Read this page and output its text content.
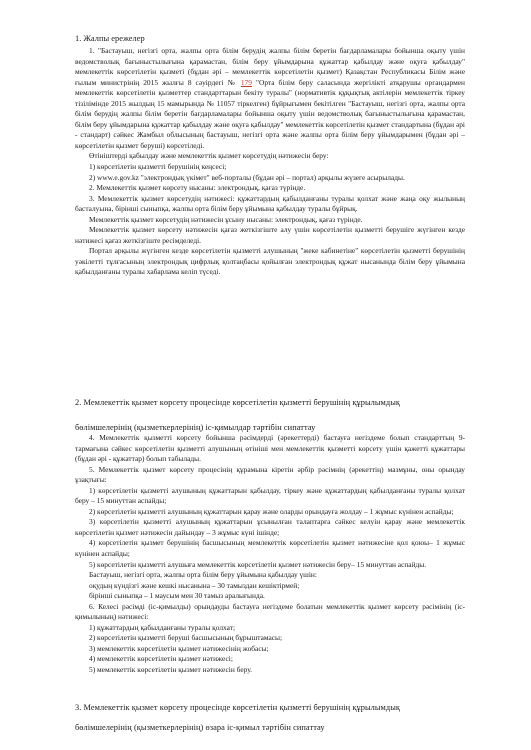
1. Жалпы ережелер

1. "Бастауыш, негізгі орта, жалпы орта білім берудің жалпы білім беретін бағдарламалары бойынша оқыту үшін ведомстволық бағыныстылығына қарамастан, білім беру ұйымдарына құжаттар қабылдау және оқуға қабылдау" мемлекеттік көрсетілетін қызметі (бұдан әрі – мемлекеттік көрсетілетін қызмет) Қазақстан Республикасы Білім және ғылым министрінің 2015 жылғы 8 сәуірдегі № 179 "Орта білім беру саласында жергілікті атқарушы органдармен мемлекеттік көрсетілетін қызметтер стандарттарын бекіту туралы" (нормативтік құқықтық актілерін мемлекеттік тіркеу тізілімінде 2015 жылдың 15 мамырында № 11057 тіркелген) бұйрығымен бекітілген "Бастауыш, негізгі орта, жалпы орта білім берудің жалпы білім беретін бағдарламалары бойынша оқыту үшін ведомстволық бағыныстылығына қарамастан, білім беру ұйымдарына құжаттар қабылдау және оқуға қабылдау" мемлекеттік көрсетілетін қызмет стандартына (бұдан әрі - стандарт) сәйкес Жамбыл облысының бастауыш, негізгі орта және жалпы орта білім беру ұйымдарымен (бұдан әрі – көрсетілетін қызмет беруші) көрсетіледі.

Өтініштерді қабылдау және мемлекеттік қызмет көрсетудің нәтижесін беру:

1) көрсетілетін қызметті берушінің кеңсесі;

2) www.e.gov.kz "электрондық үкімет" веб-порталы (бұдан әрі – портал) арқылы жүзеге асырылады.

2. Мемлекеттік қызмет көрсету нысаны: электрондық, қағаз түрінде.

3. Мемлекеттік қызмет көрсетудің нәтижесі: құжаттардың қабылданғаны туралы қолхат және жаңа оқу жылының басталуына, бірінші сыныпқа, жалпы орта білім беру ұйымына қабылдау туралы бұйрық.

Мемлекеттік қызмет көрсетудің нәтижесін ұсыну нысаны: электрондық, қағаз түрінде.

Мемлекеттік қызмет көрсету нәтижесін қағаз жеткізгіште алу үшін көрсетілетін қызметті берушіге жүгінген кезде нәтижесі қағаз жеткізгіште ресімделеді.

Портал арқылы жүгінген кезде көрсетілетін қызметті алушының "жеке кабинетіне" көрсетілетін қызметті берушінің уәкілетті тұлғасының электрондық цифрлық қолтаңбасы қойылған электрондық құжат нысанында білім беру ұйымына қабылданғаны туралы хабарлама келіп түседі.

2. Мемлекеттік қызмет көрсету процесінде көрсетілетін қызметті берушінің құрылымдық
бөлімшелерінің (қызметкерлерінің) іс-қимылдар тәртібін сипаттау

4. Мемлекеттік қызметті көрсету бойынша рәсімдерді (әрекеттерді) бастауға негіздеме болып стандарттың 9-тармағына сәйкес көрсетілетін қызметті алушының өтініші мен мемлекеттік қызметті көрсету үшін қажетті құжаттары (бұдан әрі - құжаттар) болып табылады.

5. Мемлекеттік қызмет көрсету процесінің құрамына кіретін әрбір рәсімнің (әрекеттің) мазмұны, оны орындау ұзақтығы:

1) көрсетілетін қызметті алушының құжаттарын қабылдау, тіркеу және құжаттардың қабылданғаны туралы қолхат беру – 15 минуттан аспайды;

2) көрсетілетін қызметті алушының құжаттарын қарау және оларды орындауға жолдау – 1 жұмыс күнінен аспайды;

3) көрсетілетін қызметті алушының құжаттарын ұсынылған талаптарға сәйкес келуін қарау және мемлекеттік көрсетілетін қызмет нәтижесін дайындау – 3 жұмыс күні ішінде;

4) көрсетілетін қызмет берушінің басшысының мемлекеттік көрсетілетін қызмет нәтижесіне қол қоюы– 1 жұмыс күнінен аспайды;

5) көрсетілетін қызметті алушыға мемлекеттік көрсетілетін қызмет нәтижесін беру– 15 минуттан аспайды.

Бастауыш, негізгі орта, жалпы орта білім беру ұйымына қабылдау үшін:

оқудың күндізгі және кешкі нысанына – 30 тамыздан кешіктірмей;

бірінші сыныпқа – 1 маусым мен 30 тамыз аралығында.

6. Келесі рәсімді (іс-қимылды) орындауды бастауға негіздеме болатын мемлекеттік қызмет көрсету рәсімінің (іс-қимылының) нәтижесі:

1) құжаттардың қабылданғаны туралы қолхат;

2) көрсетілетін қызметті беруші басшысының бұрыштамасы;

3) мемлекеттік көрсетілетін қызмет нәтижесінің жобасы;

4) мемлекеттік көрсетілетін қызмет нәтижесі;

5) мемлекеттік көрсетілетін қызмет нәтижесін беру.

3. Мемлекеттік қызмет көрсету процесінде көрсетілетін қызметті берушінің құрылымдық
бөлімшелерінің (қызметкерлерінің) өзара іс-қимыл тәртібін сипаттау
